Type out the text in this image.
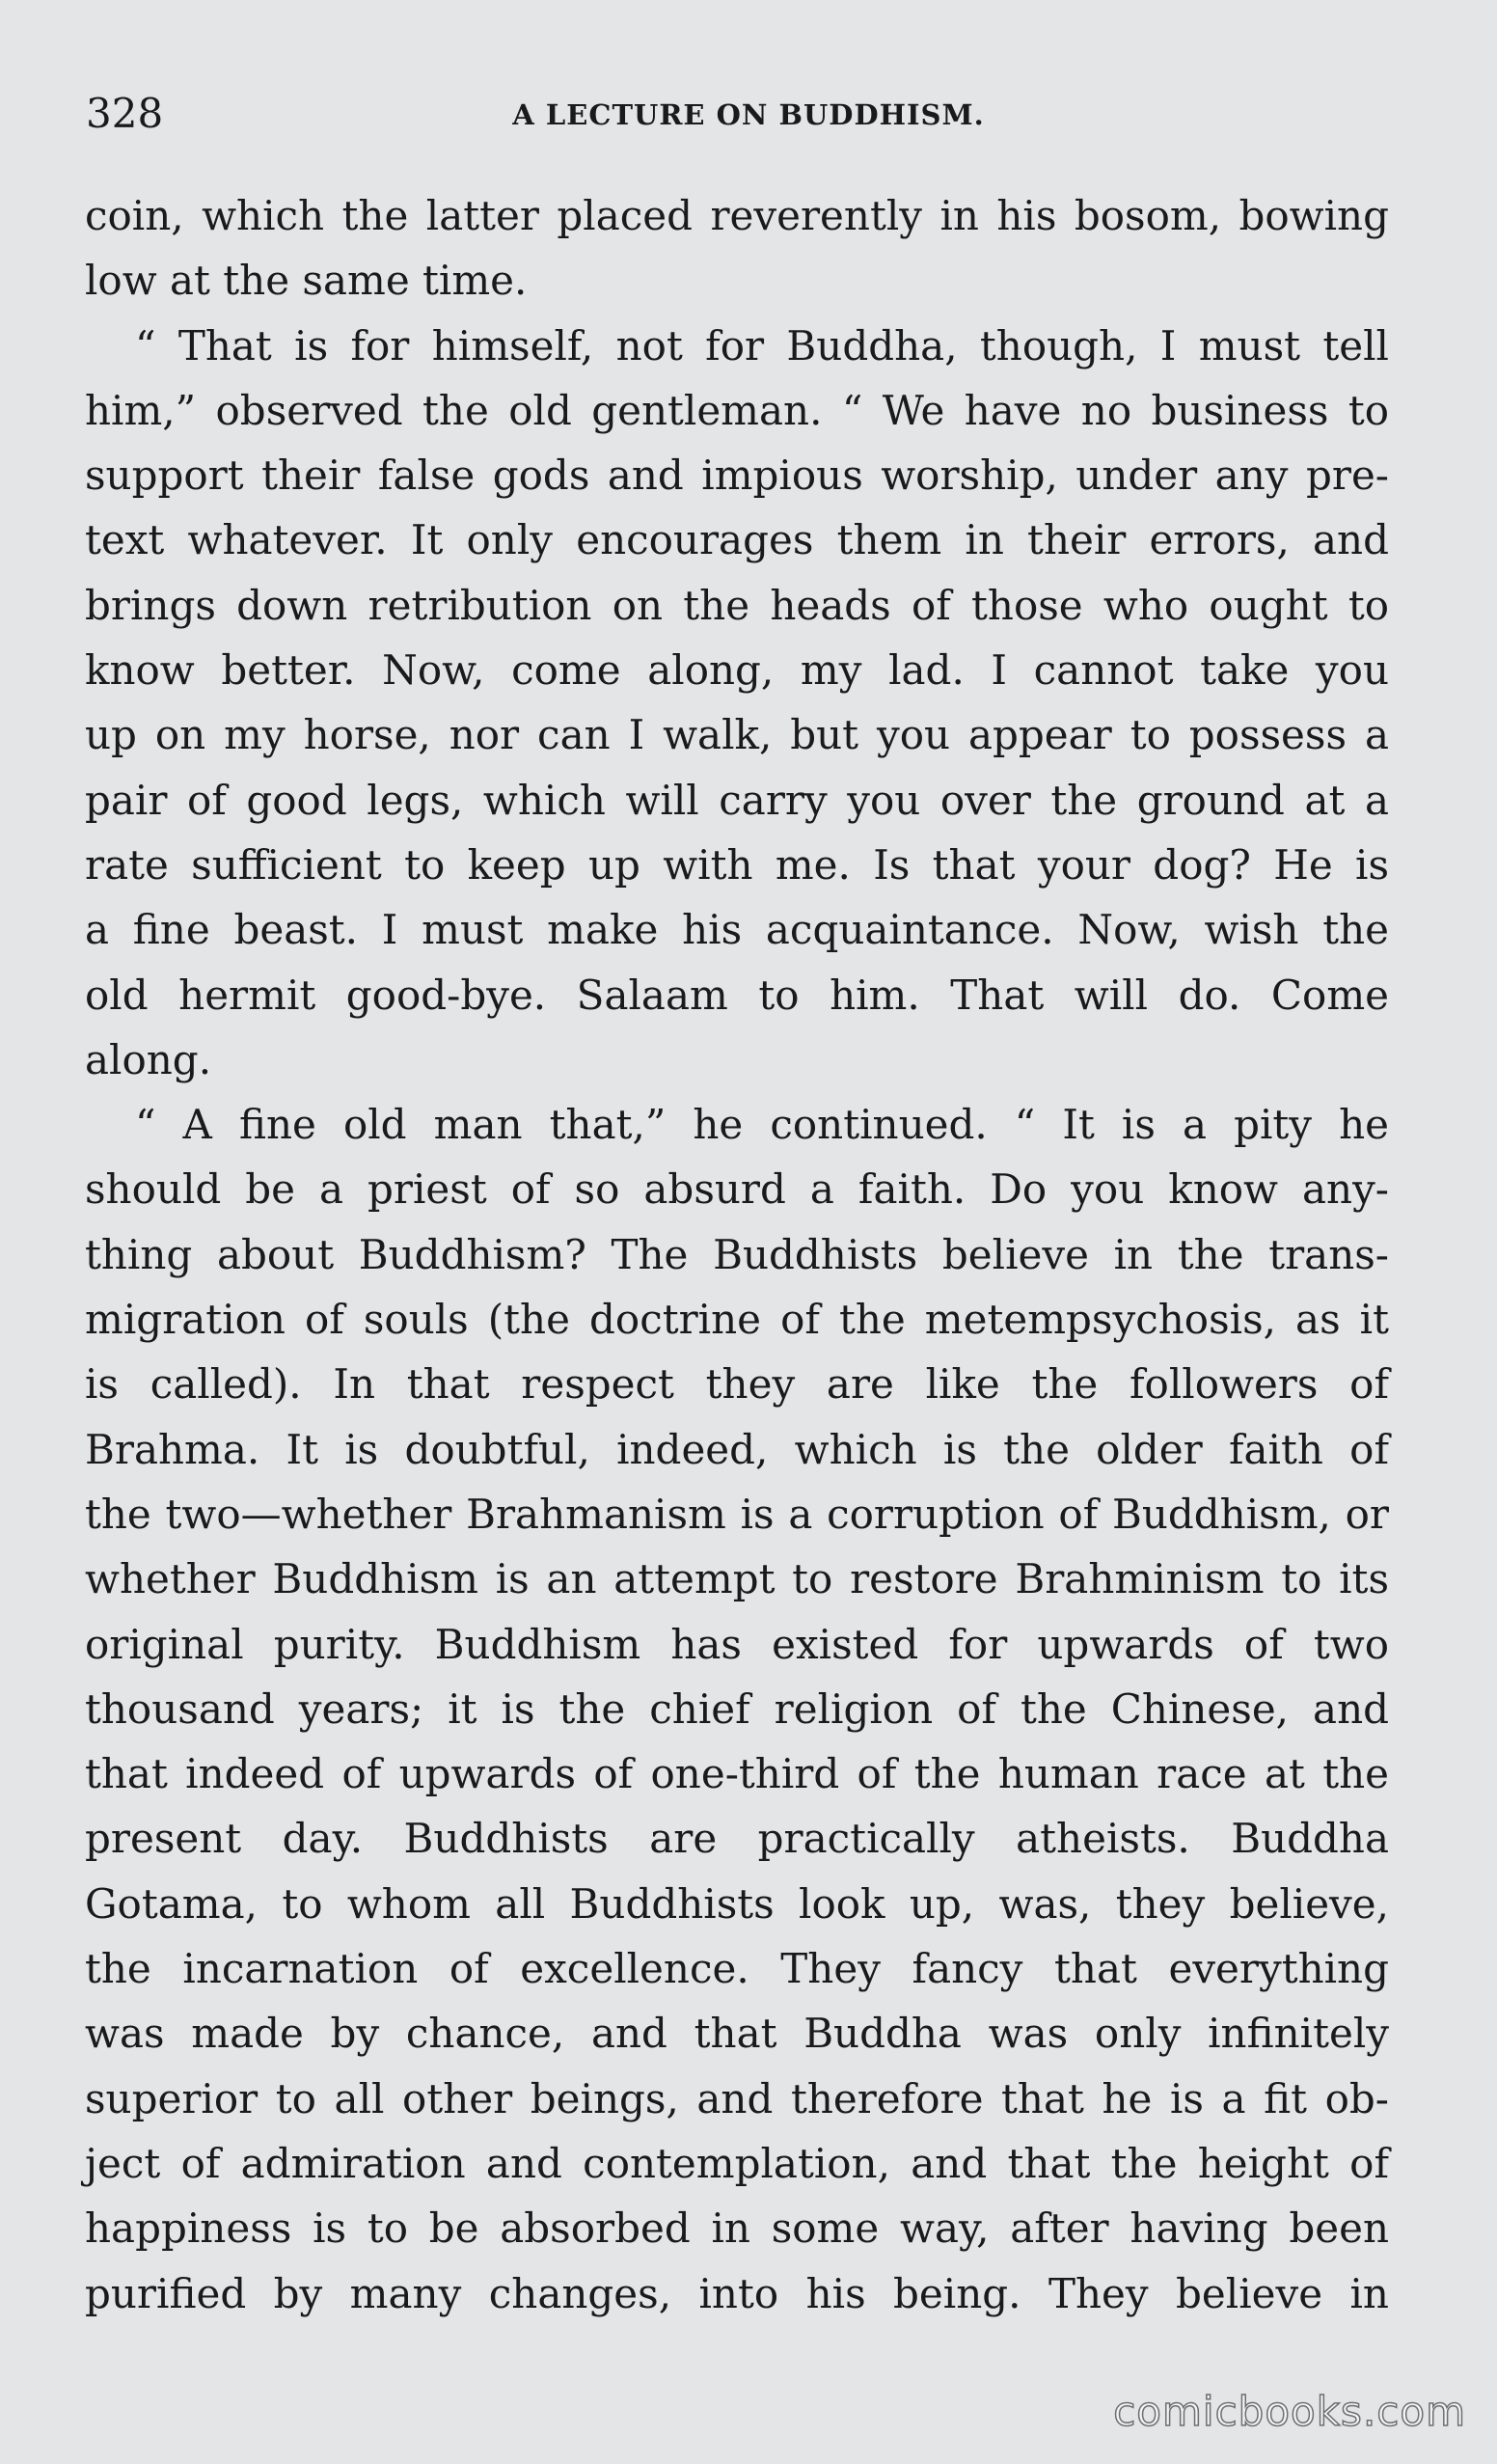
328	A LECTURE ON BUDDHISM.
coin, which the latter placed reverently in his bosom, bowing
low at the same time.
“ That is for himself, not for Buddha, though, I must tell
him,” observed the old gentleman. “ We have no business to
support their false gods and impious worship, under any pre-
text whatever. It only encourages them in their errors, and
brings down retribution on the heads of those who ought to
know better. Now, come along, my lad. I cannot take you
up on my horse, nor can I walk, but you appear to possess a
pair of good legs, which will carry you over the ground at a
rate sufficient to keep up with me. Is that your dog? He is
a fine beast. I must make his acquaintance. Now, wish the
old hermit good-bye. Salaam to him. That will do. Come
along.
“ A fine old man that,” he continued. “ It is a pity he
should be a priest of so absurd a faith. Do you know any-
thing about Buddhism? The Buddhists believe in the trans-
migration of souls (the doctrine of the metempsychosis, as it
is called). In that respect they are like the followers of
Brahma. It is doubtful, indeed, which is the older faith of
the two—whether Brahmanism is a corruption of Buddhism, or
whether Buddhism is an attempt to restore Brahminism to its
original purity. Buddhism has existed for upwards of two
thousand years; it is the chief religion of the Chinese, and
that indeed of upwards of one-third of the human race at the
present day. Buddhists are practically atheists. Buddha
Gotama, to whom all Buddhists look up, was, they believe,
the incarnation of excellence. They fancy that everything
was made by chance, and that Buddha was only infinitely
superior to all other beings, and therefore that he is a fit ob-
ject of admiration and contemplation, and that the height of
happiness is to be absorbed in some way, after having been
purified by many changes, into his being. They believe in
comicbooks.com
